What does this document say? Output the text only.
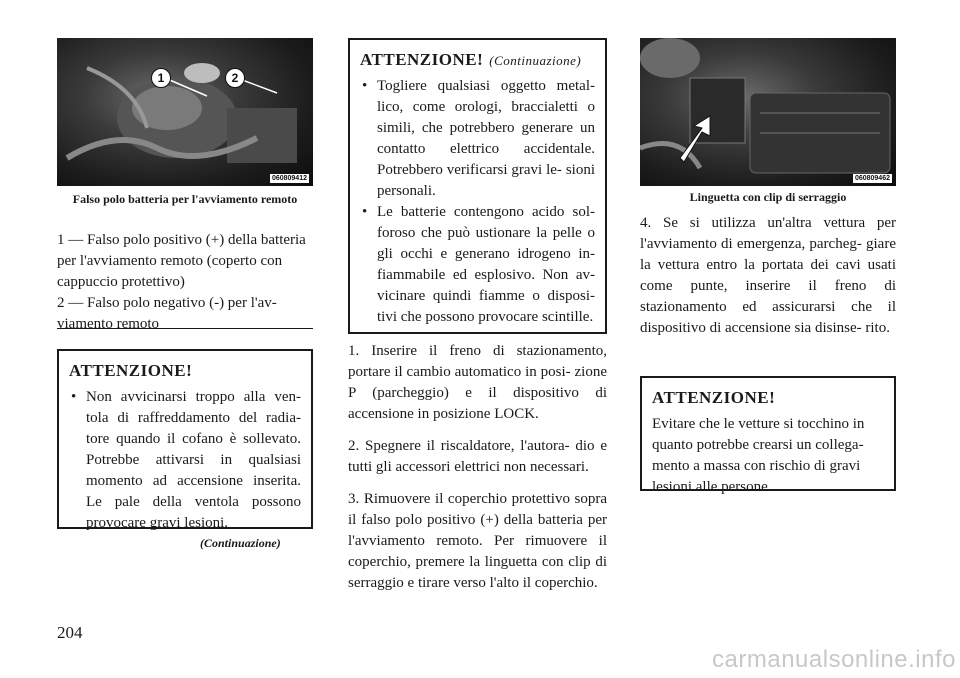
1	2
060809412
Falso polo batteria per l'avviamento remoto

1 — Falso polo positivo (+) della batteria per l'avviamento remoto (coperto con cappuccio protettivo)

2 — Falso polo negativo (-) per l'av- viamento remoto

ATTENZIONE!
• Non avvicinarsi troppo alla ven- tola di raffreddamento del radia- tore quando il cofano è sollevato. Potrebbe attivarsi in qualsiasi momento ad accensione inserita. Le pale della ventola possono provocare gravi lesioni.
(Continuazione)
ATTENZIONE! (Continuazione)
• Togliere qualsiasi oggetto metal- lico, come orologi, braccialetti o simili, che potrebbero generare un contatto elettrico accidentale. Potrebbero verificarsi gravi le- sioni personali.
• Le batterie contengono acido sol- foroso che può ustionare la pelle o gli occhi e generano idrogeno in- fiammabile ed esplosivo. Non av- vicinare quindi fiamme o disposi- tivi che possono provocare scintille.

1. Inserire il freno di stazionamento, portare il cambio automatico in posi- zione P (parcheggio) e il dispositivo di accensione in posizione LOCK.

2. Spegnere il riscaldatore, l'autora- dio e tutti gli accessori elettrici non necessari.

3. Rimuovere il coperchio protettivo sopra il falso polo positivo (+) della batteria per l'avviamento remoto. Per rimuovere il coperchio, premere la linguetta con clip di serraggio e tirare verso l'alto il coperchio.

060809462
Linguetta con clip di serraggio
4. Se si utilizza un'altra vettura per l'avviamento di emergenza, parcheg- giare la vettura entro la portata dei cavi usati come punte, inserire il freno di stazionamento ed assicurarsi che il dispositivo di accensione sia disinse- rito.
ATTENZIONE!

Evitare che le vetture si tocchino in quanto potrebbe crearsi un collega- mento a massa con rischio di gravi lesioni alle persone.

204
carmanualsonline.info
